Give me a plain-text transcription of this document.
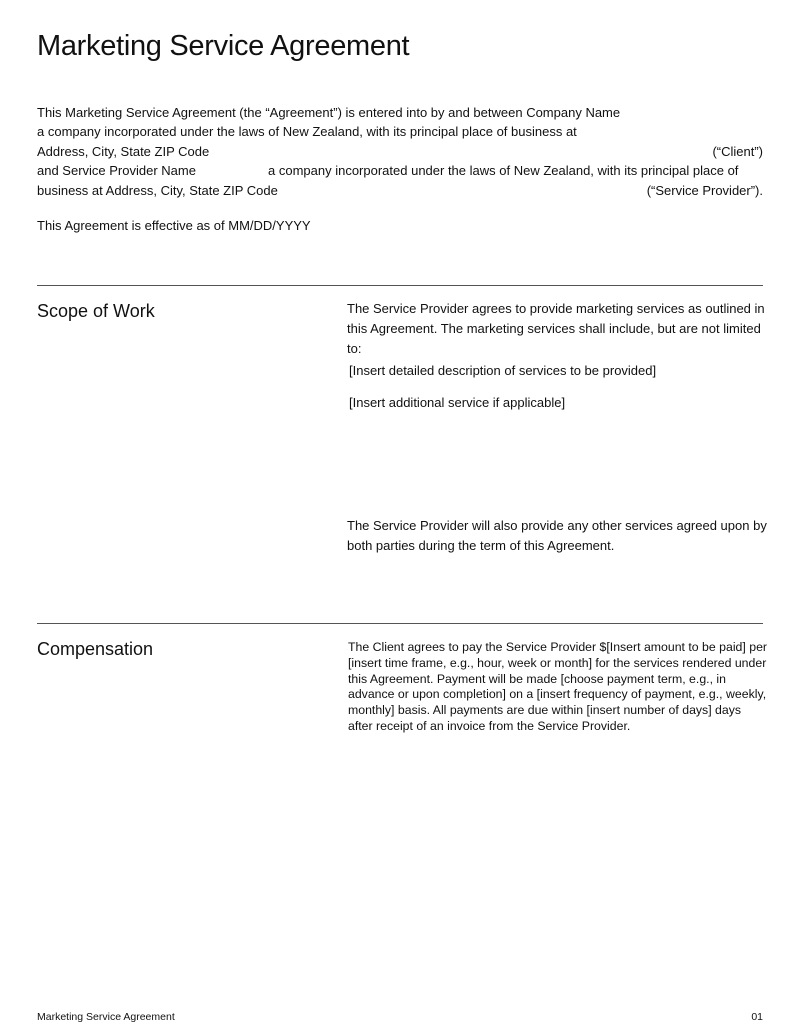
Marketing Service Agreement
This Marketing Service Agreement (the “Agreement”) is entered into by and between Company Name
a company incorporated under the laws of New Zealand, with its principal place of business at
Address, City, State ZIP Code	(“Client”)
and Service Provider Name	a company incorporated under the laws of New Zealand, with its principal place of
business at Address, City, State ZIP Code	(“Service Provider”).
This Agreement is effective as of MM/DD/YYYY
Scope of Work	The Service Provider agrees to provide marketing services as outlined in this Agreement. The marketing services shall include, but are not limited to:
[Insert detailed description of services to be provided]
[Insert additional service if applicable]
The Service Provider will also provide any other services agreed upon by both parties during the term of this Agreement.
Compensation	The Client agrees to pay the Service Provider $[Insert amount to be paid] per [insert time frame, e.g., hour, week or month] for the services rendered under this Agreement. Payment will be made [choose payment term, e.g., in advance or upon completion] on a [insert frequency of payment, e.g., weekly, monthly] basis. All payments are due within [insert number of days] days after receipt of an invoice from the Service Provider.
Marketing Service Agreement	01
